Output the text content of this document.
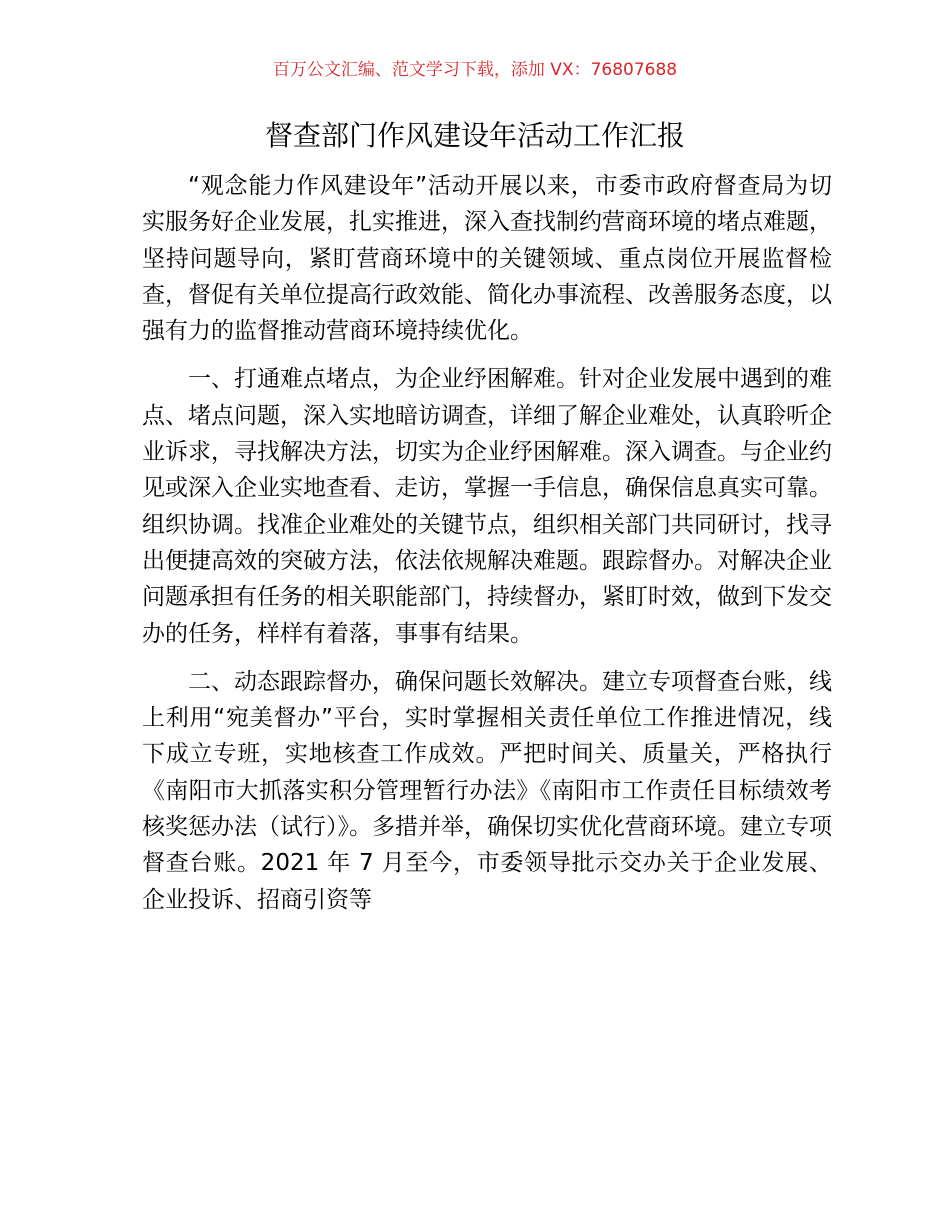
百万公文汇编、范文学习下载，添加 VX：76807688
督查部门作风建设年活动工作汇报

“观念能力作风建设年”活动开展以来，市委市政府督查局为切实服务好企业发展，扎实推进，深入查找制约营商环境的堵点难题，坚持问题导向，紧盯营商环境中的关键领域、重点岗位开展监督检查，督促有关单位提高行政效能、简化办事流程、改善服务态度，以强有力的监督推动营商环境持续优化。

一、打通难点堵点，为企业纾困解难。针对企业发展中遇到的难点、堵点问题，深入实地暗访调查，详细了解企业难处，认真聆听企业诉求，寻找解决方法，切实为企业纾困解难。深入调查。与企业约见或深入企业实地查看、走访，掌握一手信息，确保信息真实可靠。组织协调。找准企业难处的关键节点，组织相关部门共同研讨，找寻出便捷高效的突破方法，依法依规解决难题。跟踪督办。对解决企业问题承担有任务的相关职能部门，持续督办，紧盯时效，做到下发交办的任务，样样有着落，事事有结果。

二、动态跟踪督办，确保问题长效解决。建立专项督查台账，线上利用“宛美督办”平台，实时掌握相关责任单位工作推进情况，线下成立专班，实地核查工作成效。严把时间关、质量关，严格执行《南阳市大抓落实积分管理暂行办法》《南阳市工作责任目标绩效考核奖惩办法（试行）》。多措并举，确保切实优化营商环境。建立专项督查台账。2021 年 7 月至今，市委领导批示交办关于企业发展、企业投诉、招商引资等
